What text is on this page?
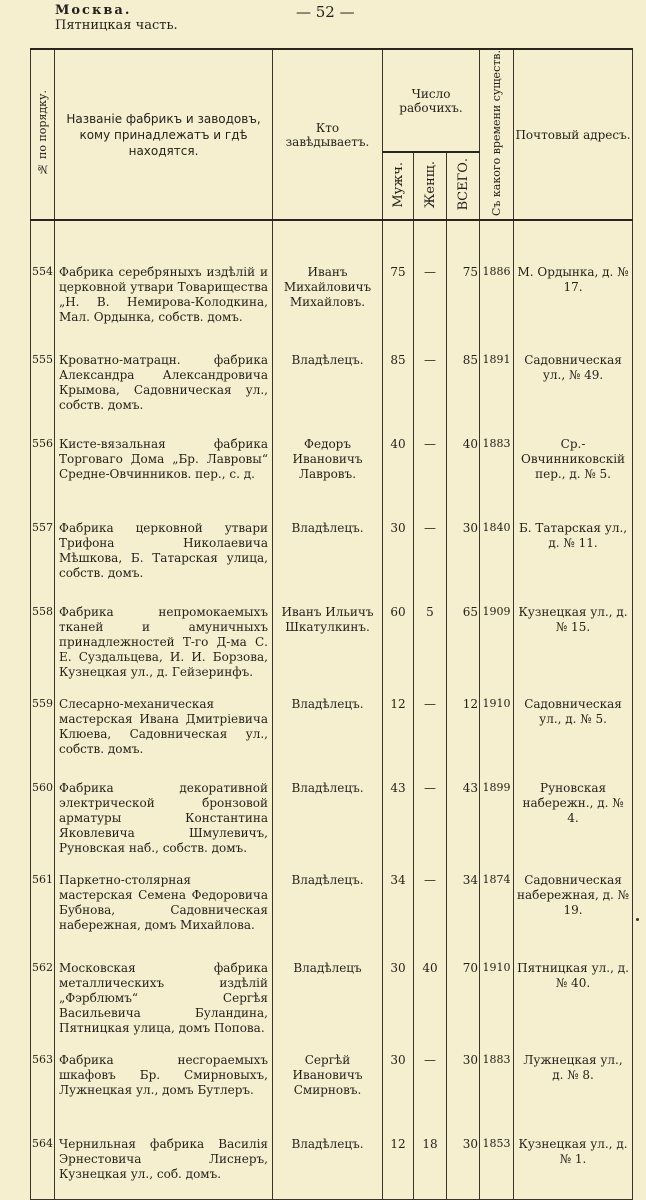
Москва.
Пятницкая часть.
— 52 —
№ по порядку.	Названіе фабрикъ и заводовъ, кому принадлежатъ и гдѣ находятся.	Кто завѣдываетъ.	Число рабочихъ.			Съ какого времени существ.	Почтовый адресъ.
			Мужч.	Женщ.	ВСЕГО.		

554	Фабрика серебряныхъ издѣлій и церковной утвари Товарищества „Н. В. Немирова-Колодкина, Мал. Ордынка, собств. домъ.	Иванъ Михайловичъ Михайловъ.	75	—	75	1886	М. Ордынка, д. № 17.
555	Кроватно-матрацн. фабрика Александра Александровича Крымова, Садовническая ул., собств. домъ.	Владѣлецъ.	85	—	85	1891	Садовническая ул., № 49.
556	Кисте-вязальная фабрика Торговаго Дома „Бр. Лавровы“ Средне-Овчинников. пер., с. д.	Федоръ Ивановичъ Лавровъ.	40	—	40	1883	Ср.-Овчинниковскій пер., д. № 5.
557	Фабрика церковной утвари Трифона Николаевича Мѣшкова, Б. Татарская улица, собств. домъ.	Владѣлецъ.	30	—	30	1840	Б. Татарская ул., д. № 11.
558	Фабрика непромокаемыхъ тканей и амуничныхъ принадлежностей Т-го Д-ма С. Е. Суздальцева, И. И. Борзова, Кузнецкая ул., д. Гейзеринфъ.	Иванъ Ильичъ Шкатулкинъ.	60	5	65	1909	Кузнецкая ул., д. № 15.
559	Слесарно-механическая мастерская Ивана Дмитріевича Клюева, Садовническая ул., собств. домъ.	Владѣлецъ.	12	—	12	1910	Садовническая ул., д. № 5.
560	Фабрика декоративной электрической бронзовой арматуры Константина Яковлевича Шмулевичъ, Руновская наб., собств. домъ.	Владѣлецъ.	43	—	43	1899	Руновская набережн., д. № 4.
561	Паркетно-столярная мастерская Семена Федоровича Бубнова, Садовническая набережная, домъ Михайлова.	Владѣлецъ.	34	—	34	1874	Садовническая набережная, д. № 19.
562	Московская фабрика металлическихъ издѣлій „Фэрблюмъ“ Сергѣя Васильевича Буландина, Пятницкая улица, домъ Попова.	Владѣлецъ	30	40	70	1910	Пятницкая ул., д. № 40.
563	Фабрика несгораемыхъ шкафовъ Бр. Смирновыхъ, Лужнецкая ул., домъ Бутлеръ.	Сергѣй Ивановичъ Смирновъ.	30	—	30	1883	Лужнецкая ул., д. № 8.
564	Чернильная фабрика Василія Эрнестовича Лиснеръ, Кузнецкая ул., соб. домъ.	Владѣлецъ.	12	18	30	1853	Кузнецкая ул., д. № 1.
